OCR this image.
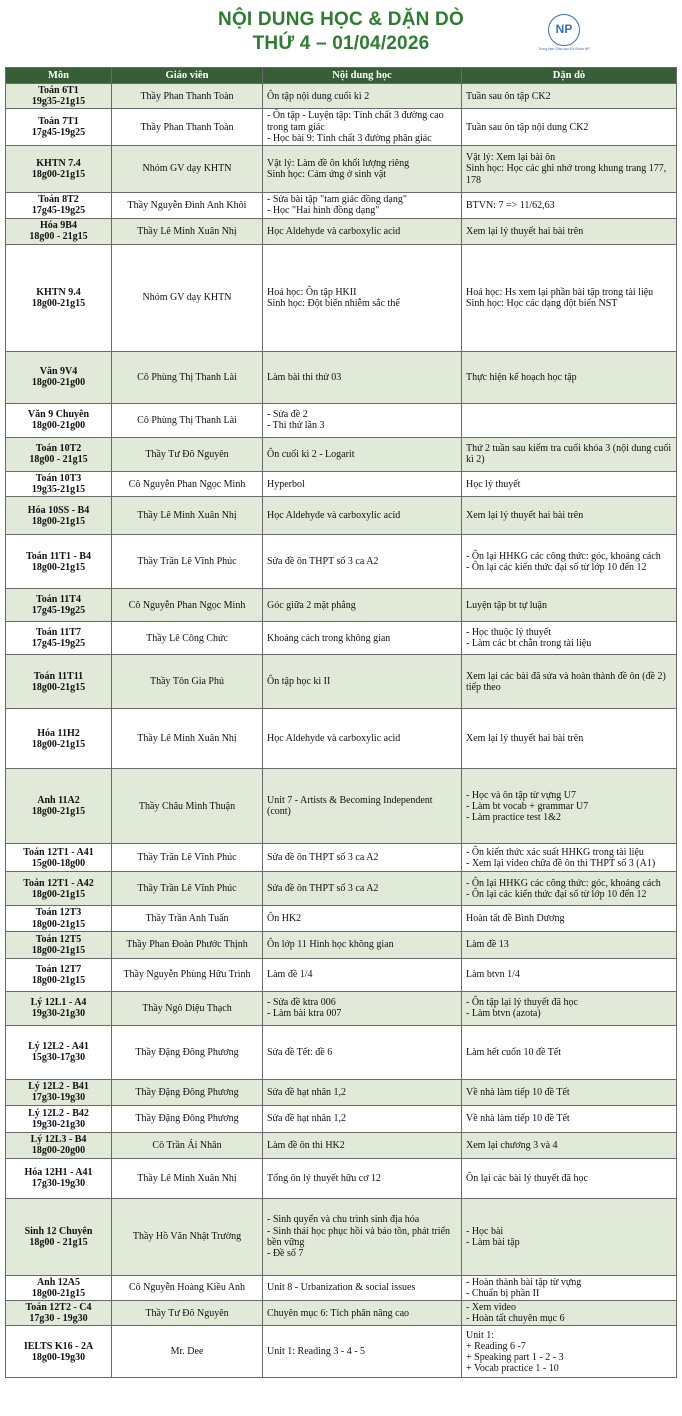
NỘI DUNG HỌC & DẶN DÒ
THỨ 4 – 01/04/2026
NP
Trung tâm Giáo dục Đỗ Đoàn NP
Môn	Giáo viên	Nội dung học	Dặn dò

Toán 6T1
19g35-21g15	Thầy Phan Thanh Toàn	Ôn tập nội dung cuối kì 2	Tuần sau ôn tập CK2

Toán 7T1
17g45-19g25	Thầy Phan Thanh Toàn	- Ôn tập - Luyện tập: Tính chất 3 đường cao trong tam giác
- Học bài 9: Tính chất 3 đường phân giác	Tuần sau ôn tập nội dung CK2

KHTN 7.4
18g00-21g15	Nhóm GV dạy KHTN	Vật lý: Làm đề ôn khối lượng riêng
Sinh học: Cảm ứng ở sinh vật	Vật lý: Xem lại bài ôn
Sinh học: Học các ghi nhớ trong khung trang 177, 178

Toán 8T2
17g45-19g25	Thầy Nguyễn Đình Anh Khôi	- Sửa bài tập "tam giác đồng dạng"
- Học "Hai hình đồng dạng"	BTVN: 7 => 11/62,63

Hóa 9B4
18g00 - 21g15	Thầy Lê Minh Xuân Nhị	Học Aldehyde và carboxylic acid	Xem lại lý thuyết hai bài trên

KHTN 9.4
18g00-21g15	Nhóm GV dạy KHTN	Hoá học: Ôn tập HKII
Sinh học: Đột biến nhiễm sắc thể	Hoá học: Hs xem lại phần bài tập trong tài liệu
Sinh học: Học các dạng đột biến NST

Văn 9V4
18g00-21g00	Cô Phùng Thị Thanh Lài	Làm bài thi thử 03	Thực hiện kế hoạch học tập

Văn 9 Chuyên
18g00-21g00	Cô Phùng Thị Thanh Lài	- Sửa đề 2
- Thi thử lần 3	

Toán 10T2
18g00 - 21g15	Thầy Tư Đô Nguyên	Ôn cuối kì 2 - Logarit	Thứ 2 tuần sau kiểm tra cuối khóa 3 (nội dung cuối kì 2)

Toán 10T3
19g35-21g15	Cô Nguyễn Phan Ngọc Minh	Hyperbol	Học lý thuyết

Hóa 10SS - B4
18g00-21g15	Thầy Lê Minh Xuân Nhị	Học Aldehyde và carboxylic acid	Xem lại lý thuyết hai bài trên

Toán 11T1 - B4
18g00-21g15	Thầy Trần Lê Vĩnh Phúc	Sửa đề ôn THPT số 3 ca A2	- Ôn lại HHKG các công thức: góc, khoảng cách
- Ôn lại các kiến thức đại số từ lớp 10 đến 12

Toán 11T4
17g45-19g25	Cô Nguyễn Phan Ngọc Minh	Góc giữa 2 mặt phẳng	Luyện tập bt tự luận

Toán 11T7
17g45-19g25	Thầy Lê Công Chức	Khoảng cách trong không gian	- Học thuộc lý thuyết
- Làm các bt chẵn trong tài liệu

Toán 11T11
18g00-21g15	Thầy Tôn Gia Phú	Ôn tập học kì II	Xem lại các bài đã sửa và hoàn thành đề ôn (đề 2) tiếp theo

Hóa 11H2
18g00-21g15	Thầy Lê Minh Xuân Nhị	Học Aldehyde và carboxylic acid	Xem lại lý thuyết hai bài trên

Anh 11A2
18g00-21g15	Thầy Châu Minh Thuận	Unit 7 - Artists & Becoming Independent (cont)	- Học và ôn tập từ vựng U7
- Làm bt vocab + grammar U7
- Làm practice test 1&2

Toán 12T1 - A41
15g00-18g00	Thầy Trần Lê Vĩnh Phúc	Sửa đề ôn THPT số 3 ca A2	- Ôn kiến thức xác suất HHKG trong tài liệu
- Xem lại video chữa đề ôn thi THPT số 3 (A1)

Toán 12T1 - A42
18g00-21g15	Thầy Trần Lê Vĩnh Phúc	Sửa đề ôn THPT số 3 ca A2	- Ôn lại HHKG các công thức: góc, khoảng cách
- Ôn lại các kiến thức đại số từ lớp 10 đến 12

Toán 12T3
18g00-21g15	Thầy Trần Anh Tuấn	Ôn HK2	Hoàn tất đề Bình Dương

Toán 12T5
18g00-21g15	Thầy Phan Đoàn Phước Thịnh	Ôn lớp 11 Hình học không gian	Làm đề 13

Toán 12T7
18g00-21g15	Thầy Nguyễn Phùng Hữu Trình	Làm đề 1/4	Làm btvn 1/4

Lý 12L1 - A4
19g30-21g30	Thầy Ngô Diệu Thạch	- Sửa đề ktra 006
- Làm bài ktra 007	- Ôn tập lại lý thuyết đã học
- Làm btvn (azota)

Lý 12L2 - A41
15g30-17g30	Thầy Đặng Đông Phương	Sửa đề Tết: đề 6	Làm hết cuốn 10 đề Tết

Lý 12L2 - B41
17g30-19g30	Thầy Đặng Đông Phương	Sửa đề hạt nhân 1,2	Về nhà làm tiếp 10 đề Tết

Lý 12L2 - B42
19g30-21g30	Thầy Đặng Đông Phương	Sửa đề hạt nhân 1,2	Về nhà làm tiếp 10 đề Tết

Lý 12L3 - B4
18g00-20g00	Cô Trần Ái Nhân	Làm đề ôn thi HK2	Xem lại chương 3 và 4

Hóa 12H1 - A41
17g30-19g30	Thầy Lê Minh Xuân Nhị	Tổng ôn lý thuyết hữu cơ 12	Ôn lại các bài lý thuyết đã học

Sinh 12 Chuyên
18g00 - 21g15	Thầy Hồ Văn Nhật Trường	- Sinh quyển và chu trình sinh địa hóa
- Sinh thái học phục hồi và bảo tồn, phát triển bền vững
- Đề số 7	- Học bài
- Làm bài tập

Anh 12A5
18g00-21g15	Cô Nguyễn Hoàng Kiều Anh	Unit 8 - Urbanization & social issues	- Hoàn thành bài tập từ vựng
- Chuẩn bị phần II

Toán 12T2 - C4
17g30 - 19g30	Thầy Tư Đô Nguyên	Chuyên mục 6: Tích phân nâng cao	- Xem video
- Hoàn tất chuyên mục 6

IELTS K16 - 2A
18g00-19g30	Mr. Dee	Unit 1: Reading 3 - 4 - 5	Unit 1:
+ Reading 6 -7
+ Speaking part 1 - 2 - 3
+ Vocab practice 1 - 10
